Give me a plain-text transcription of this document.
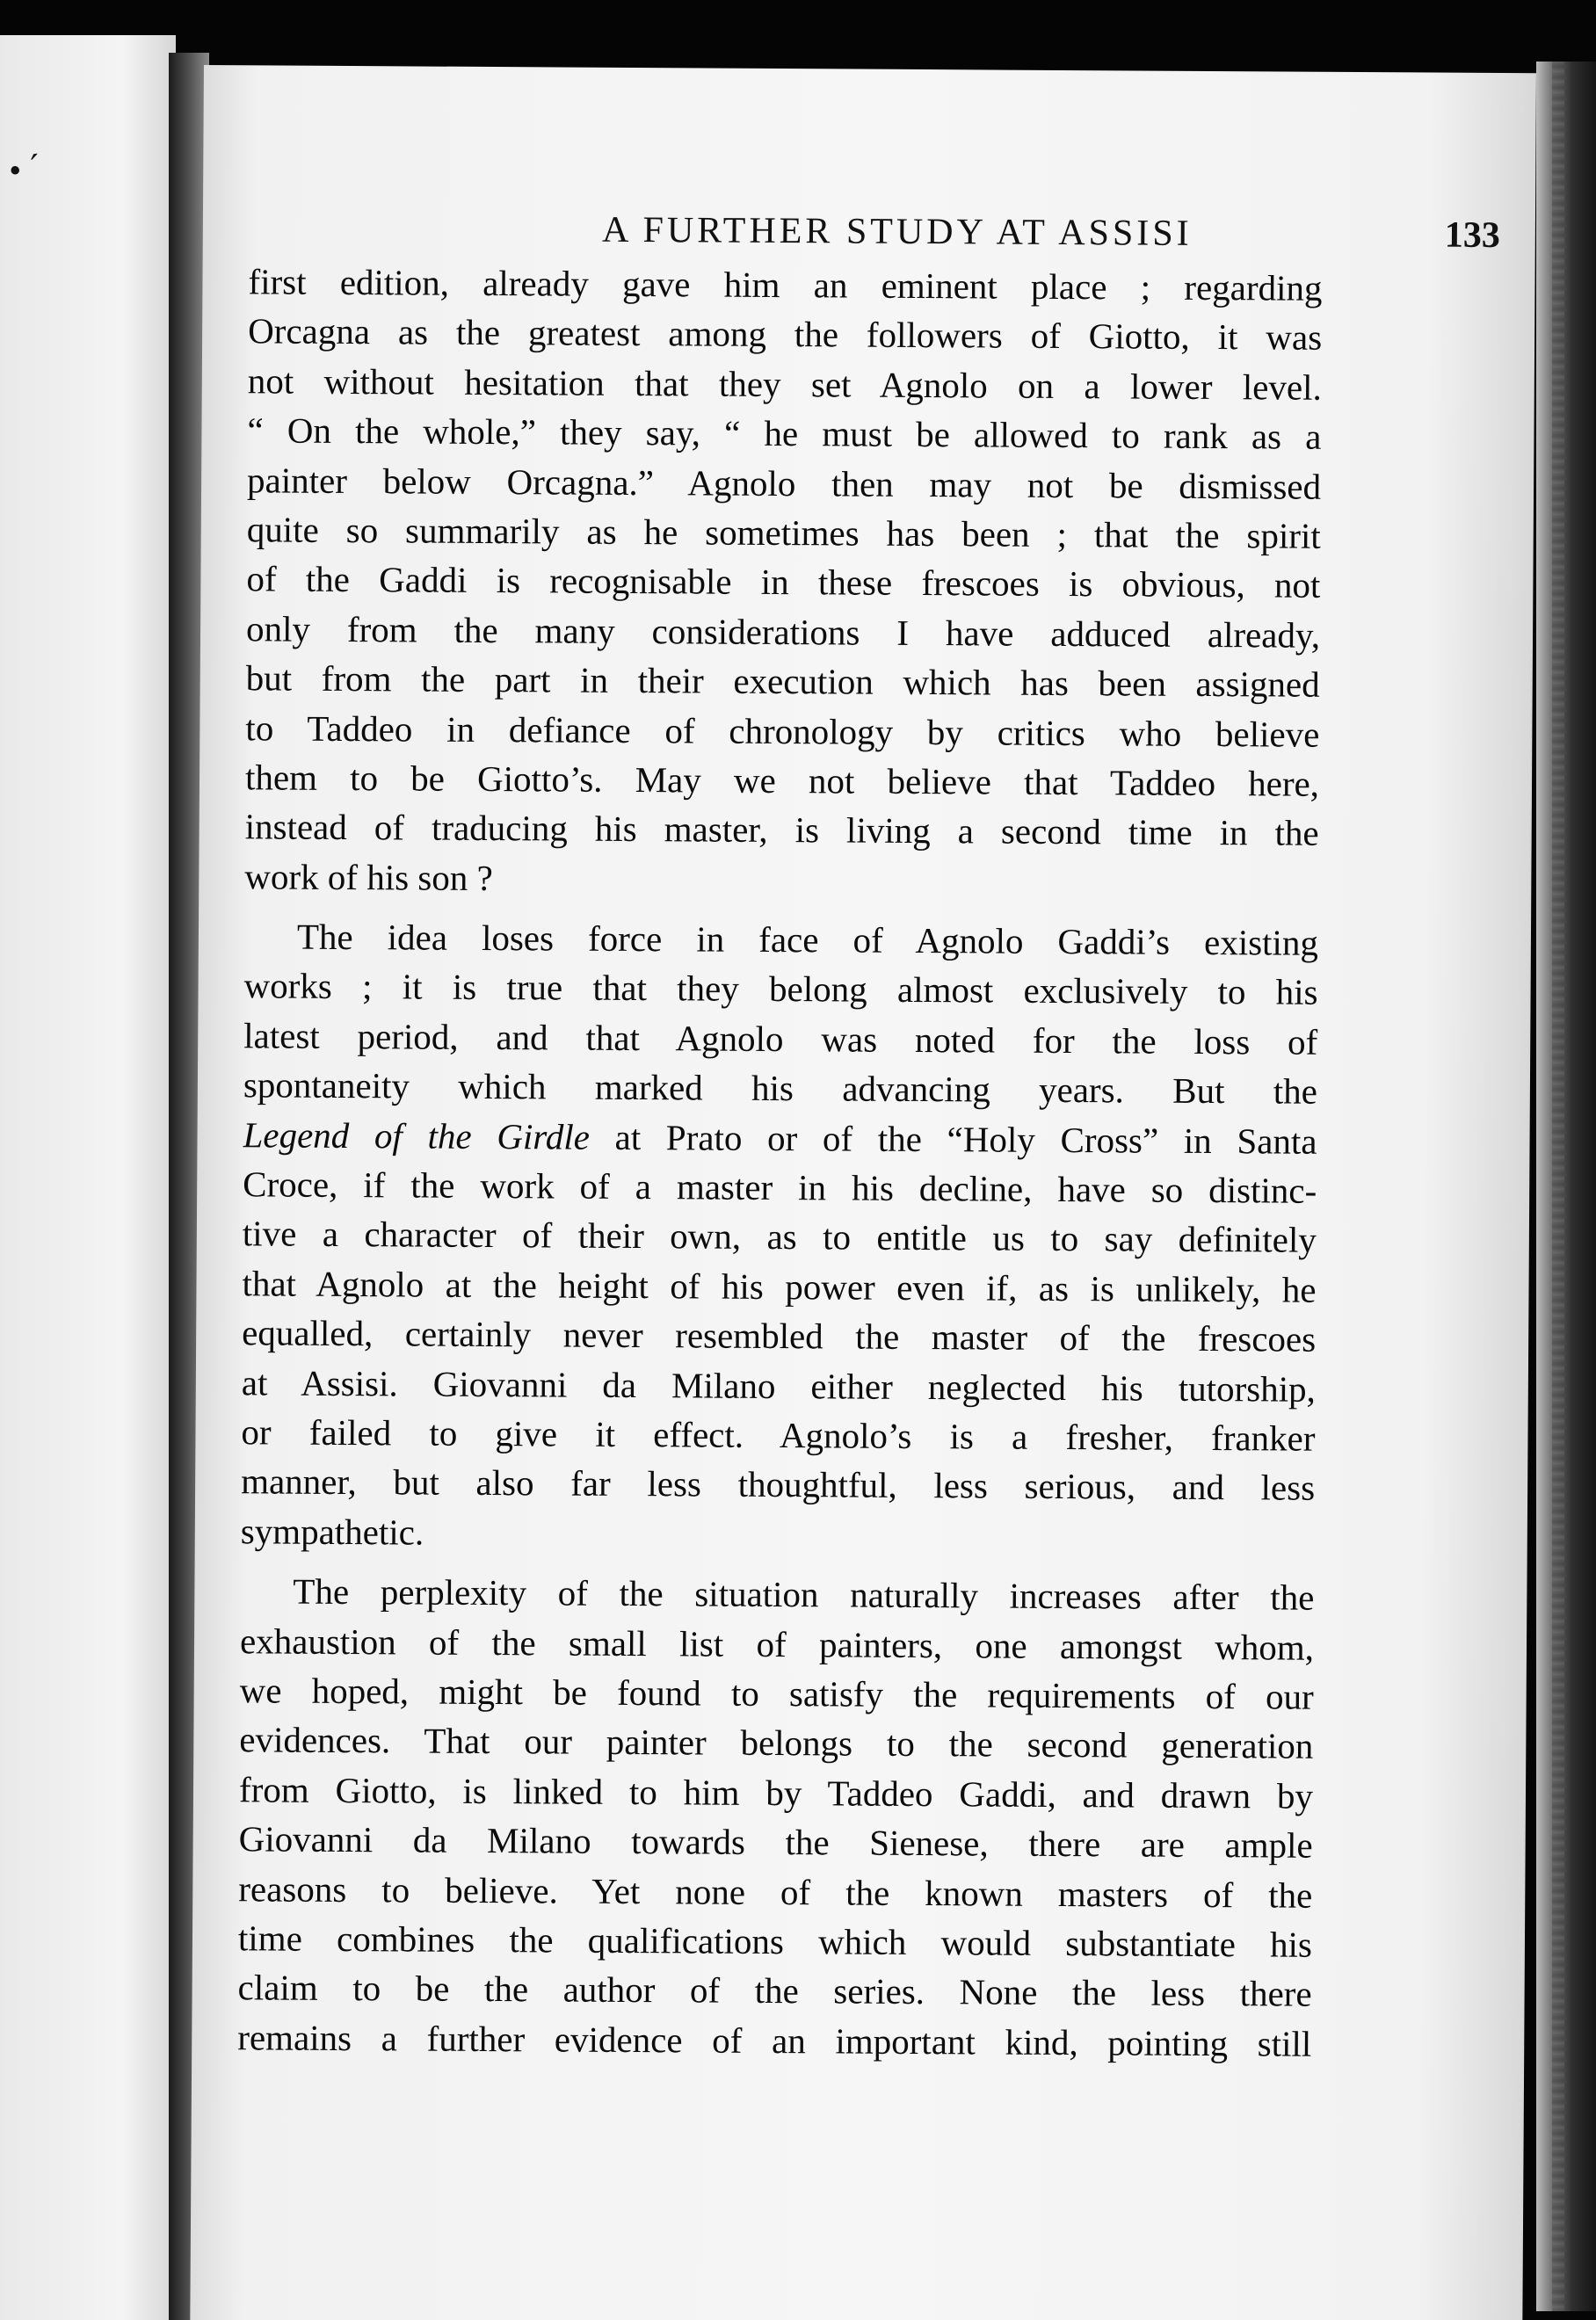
• ˊ
A FURTHER STUDY AT ASSISI	133
first edition, already gave him an eminent place ; regarding
Orcagna as the greatest among the followers of Giotto, it was
not without hesitation that they set Agnolo on a lower level.
“ On the whole,” they say, “ he must be allowed to rank as a
painter below Orcagna.” Agnolo then may not be dismissed
quite so summarily as he sometimes has been ; that the spirit
of the Gaddi is recognisable in these frescoes is obvious, not
only from the many considerations I have adduced already,
but from the part in their execution which has been assigned
to Taddeo in defiance of chronology by critics who believe
them to be Giotto’s. May we not believe that Taddeo here,
instead of traducing his master, is living a second time in the
work of his son ?
The idea loses force in face of Agnolo Gaddi’s existing
works ; it is true that they belong almost exclusively to his
latest period, and that Agnolo was noted for the loss of
spontaneity which marked his advancing years. But the
Legend of the Girdle at Prato or of the “Holy Cross” in Santa
Croce, if the work of a master in his decline, have so distinc-
tive a character of their own, as to entitle us to say definitely
that Agnolo at the height of his power even if, as is unlikely, he
equalled, certainly never resembled the master of the frescoes
at Assisi. Giovanni da Milano either neglected his tutorship,
or failed to give it effect. Agnolo’s is a fresher, franker
manner, but also far less thoughtful, less serious, and less
sympathetic.
The perplexity of the situation naturally increases after the
exhaustion of the small list of painters, one amongst whom,
we hoped, might be found to satisfy the requirements of our
evidences. That our painter belongs to the second generation
from Giotto, is linked to him by Taddeo Gaddi, and drawn by
Giovanni da Milano towards the Sienese, there are ample
reasons to believe. Yet none of the known masters of the
time combines the qualifications which would substantiate his
claim to be the author of the series. None the less there
remains a further evidence of an important kind, pointing still
